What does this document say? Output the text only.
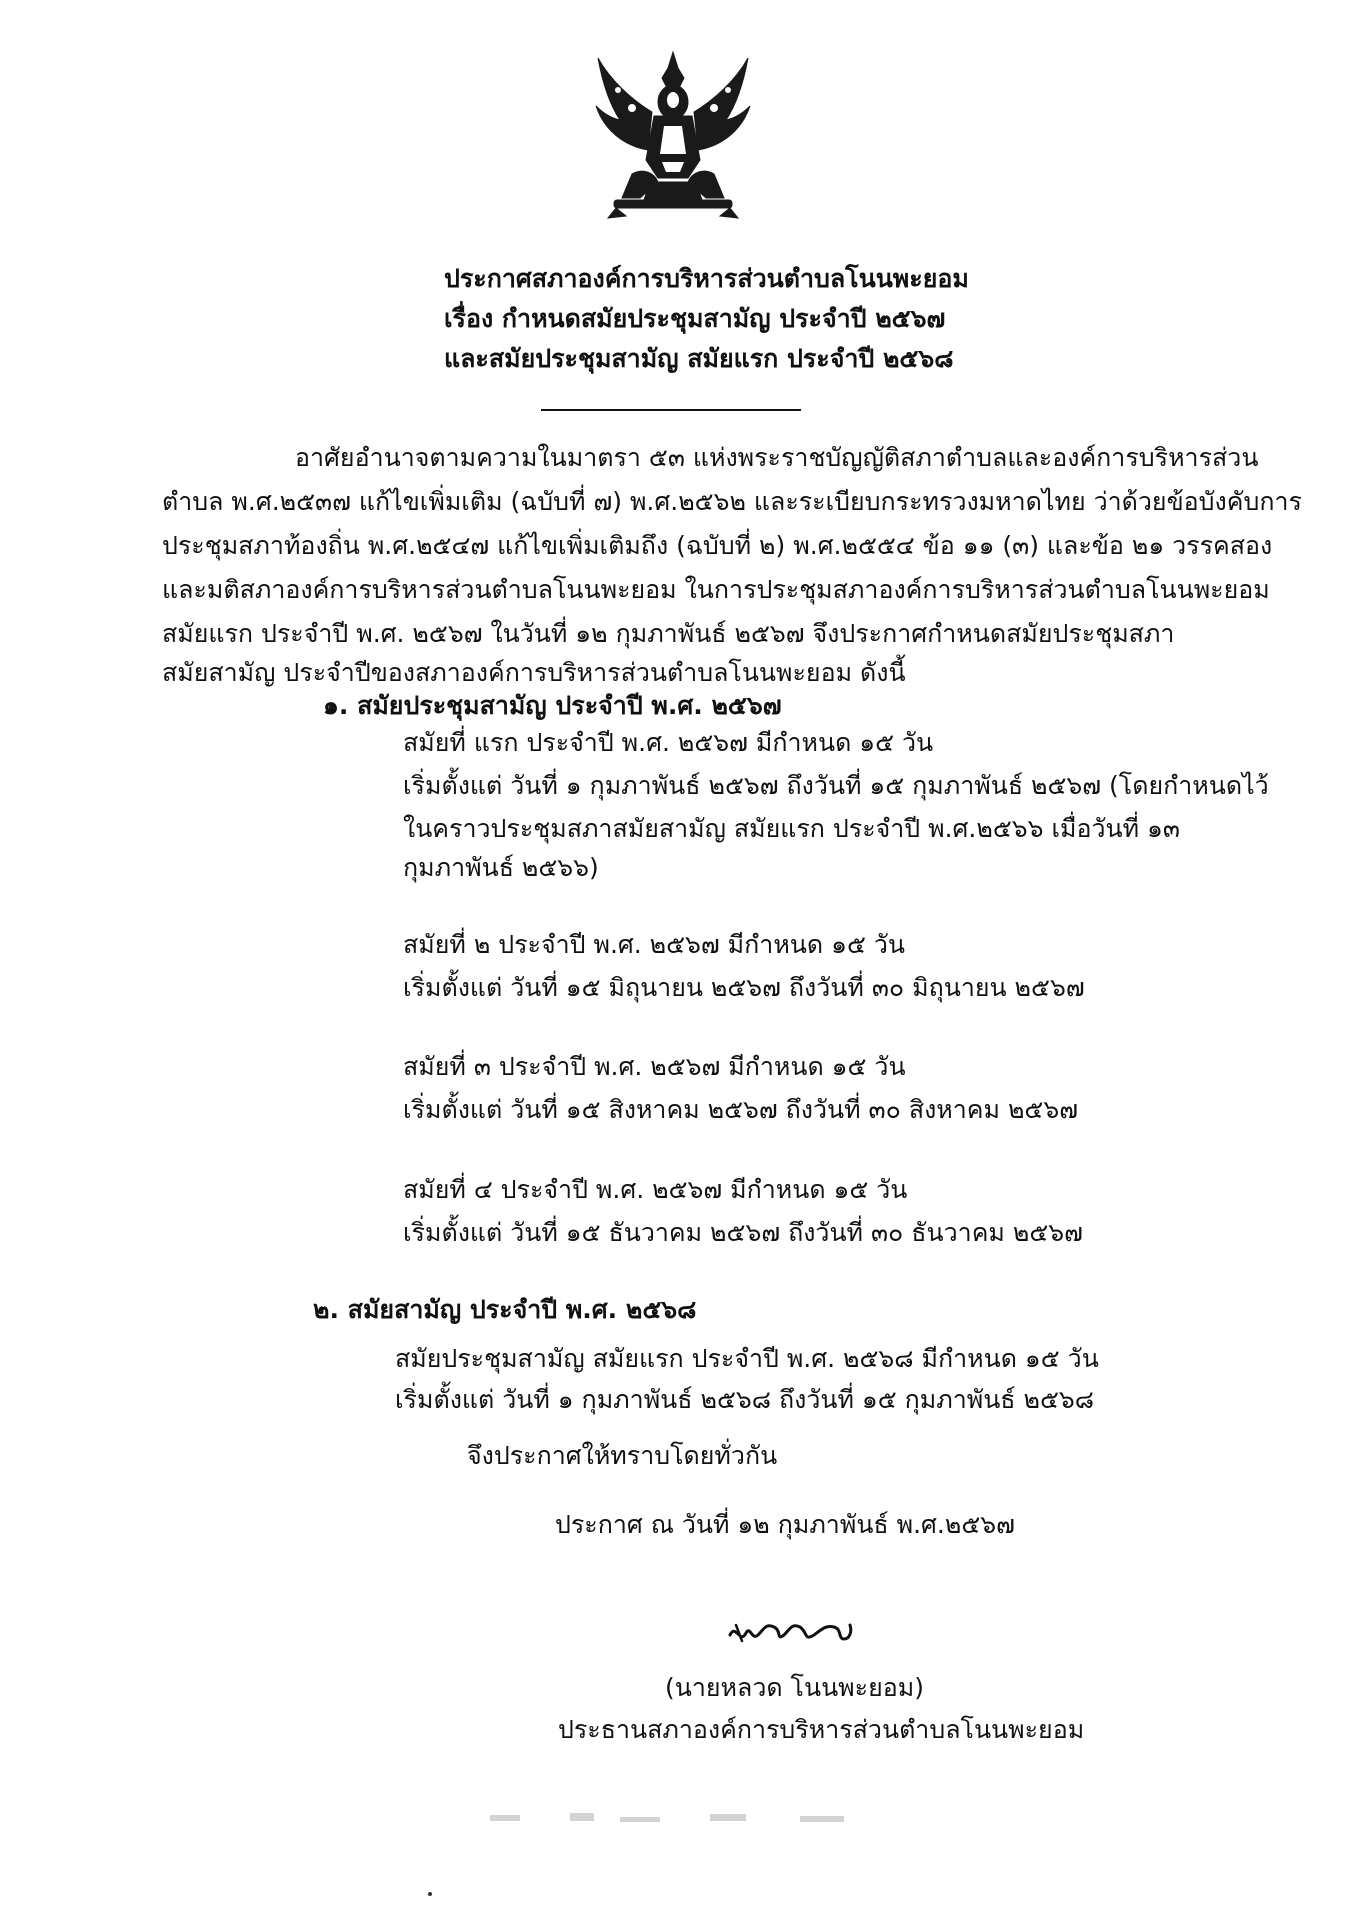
ประกาศสภาองค์การบริหารส่วนตำบลโนนพะยอม
เรื่อง กำหนดสมัยประชุมสามัญ ประจำปี ๒๕๖๗
และสมัยประชุมสามัญ สมัยแรก ประจำปี ๒๕๖๘
อาศัยอำนาจตามความในมาตรา ๕๓ แห่งพระราชบัญญัติสภาตำบลและองค์การบริหารส่วน
ตำบล พ.ศ.๒๕๓๗ แก้ไขเพิ่มเติม (ฉบับที่ ๗) พ.ศ.๒๕๖๒ และระเบียบกระทรวงมหาดไทย ว่าด้วยข้อบังคับการ
ประชุมสภาท้องถิ่น พ.ศ.๒๕๔๗ แก้ไขเพิ่มเติมถึง (ฉบับที่ ๒) พ.ศ.๒๕๕๔ ข้อ ๑๑ (๓) และข้อ ๒๑ วรรคสอง
และมติสภาองค์การบริหารส่วนตำบลโนนพะยอม ในการประชุมสภาองค์การบริหารส่วนตำบลโนนพะยอม
สมัยแรก ประจำปี พ.ศ. ๒๕๖๗ ในวันที่ ๑๒ กุมภาพันธ์ ๒๕๖๗ จึงประกาศกำหนดสมัยประชุมสภา
สมัยสามัญ ประจำปีของสภาองค์การบริหารส่วนตำบลโนนพะยอม ดังนี้
๑. สมัยประชุมสามัญ ประจำปี พ.ศ. ๒๕๖๗
สมัยที่ แรก ประจำปี พ.ศ. ๒๕๖๗ มีกำหนด ๑๕ วัน
เริ่มตั้งแต่ วันที่ ๑ กุมภาพันธ์ ๒๕๖๗ ถึงวันที่ ๑๕ กุมภาพันธ์ ๒๕๖๗ (โดยกำหนดไว้
ในคราวประชุมสภาสมัยสามัญ สมัยแรก ประจำปี พ.ศ.๒๕๖๖ เมื่อวันที่ ๑๓
กุมภาพันธ์ ๒๕๖๖)
สมัยที่ ๒ ประจำปี พ.ศ. ๒๕๖๗ มีกำหนด ๑๕ วัน
เริ่มตั้งแต่ วันที่ ๑๕ มิถุนายน ๒๕๖๗ ถึงวันที่ ๓๐ มิถุนายน ๒๕๖๗
สมัยที่ ๓ ประจำปี พ.ศ. ๒๕๖๗ มีกำหนด ๑๕ วัน
เริ่มตั้งแต่ วันที่ ๑๕ สิงหาคม ๒๕๖๗ ถึงวันที่ ๓๐ สิงหาคม ๒๕๖๗
สมัยที่ ๔ ประจำปี พ.ศ. ๒๕๖๗ มีกำหนด ๑๕ วัน
เริ่มตั้งแต่ วันที่ ๑๕ ธันวาคม ๒๕๖๗ ถึงวันที่ ๓๐ ธันวาคม ๒๕๖๗
๒. สมัยสามัญ ประจำปี พ.ศ. ๒๕๖๘
สมัยประชุมสามัญ สมัยแรก ประจำปี พ.ศ. ๒๕๖๘ มีกำหนด ๑๕ วัน
เริ่มตั้งแต่ วันที่ ๑ กุมภาพันธ์ ๒๕๖๘ ถึงวันที่ ๑๕ กุมภาพันธ์ ๒๕๖๘
จึงประกาศให้ทราบโดยทั่วกัน
ประกาศ ณ วันที่ ๑๒ กุมภาพันธ์ พ.ศ.๒๕๖๗
(นายหลวด โนนพะยอม)
ประธานสภาองค์การบริหารส่วนตำบลโนนพะยอม
